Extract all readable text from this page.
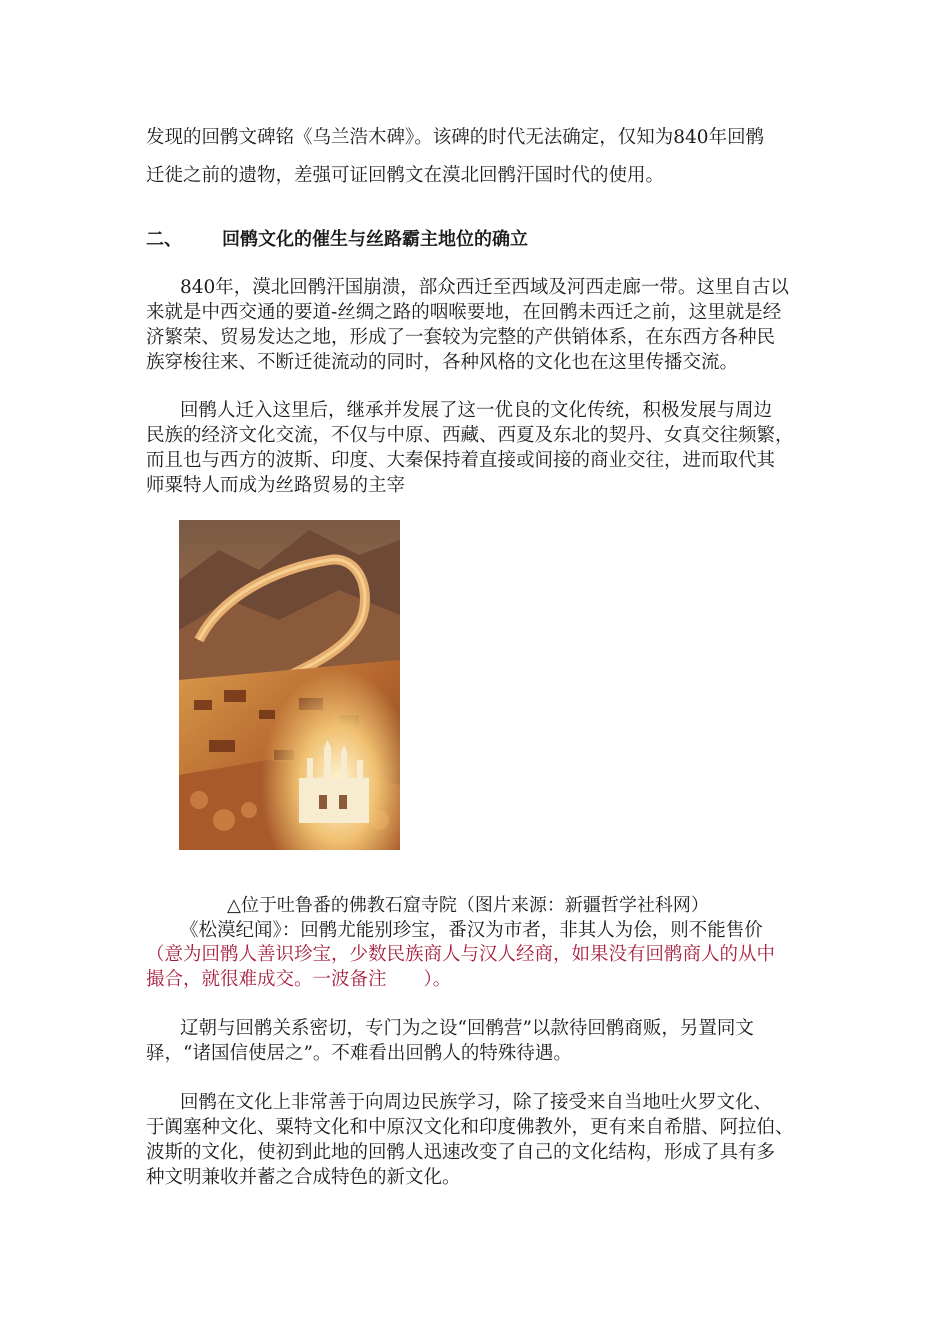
发现的回鹘文碑铭《乌兰浩木碑》。该碑的时代无法确定，仅知为840年回鹘
迁徙之前的遗物，差强可证回鹘文在漠北回鹘汗国时代的使用。
二、 回鹘文化的催生与丝路霸主地位的确立
840年，漠北回鹘汗国崩溃，部众西迁至西域及河西走廊一带。这里自古以
来就是中西交通的要道-丝绸之路的咽喉要地，在回鹘未西迁之前，这里就是经
济繁荣、贸易发达之地，形成了一套较为完整的产供销体系，在东西方各种民
族穿梭往来、不断迁徙流动的同时，各种风格的文化也在这里传播交流。
回鹘人迁入这里后，继承并发展了这一优良的文化传统，积极发展与周边
民族的经济文化交流，不仅与中原、西藏、西夏及东北的契丹、女真交往频繁，
而且也与西方的波斯、印度、大秦保持着直接或间接的商业交往，进而取代其
师粟特人而成为丝路贸易的主宰
△位于吐鲁番的佛教石窟寺院（图片来源：新疆哲学社科网）
《松漠纪闻》：回鹘尤能别珍宝，番汉为市者，非其人为侩，则不能售价
（意为回鹘人善识珍宝，少数民族商人与汉人经商，如果没有回鹘商人的从中
撮合，就很难成交。一波备注　　）。
辽朝与回鹘关系密切，专门为之设“回鹘营”以款待回鹘商贩，另置同文
驿，“诸国信使居之”。不难看出回鹘人的特殊待遇。
回鹘在文化上非常善于向周边民族学习，除了接受来自当地吐火罗文化、
于阗塞种文化、粟特文化和中原汉文化和印度佛教外，更有来自希腊、阿拉伯、
波斯的文化，使初到此地的回鹘人迅速改变了自己的文化结构，形成了具有多
种文明兼收并蓄之合成特色的新文化。
